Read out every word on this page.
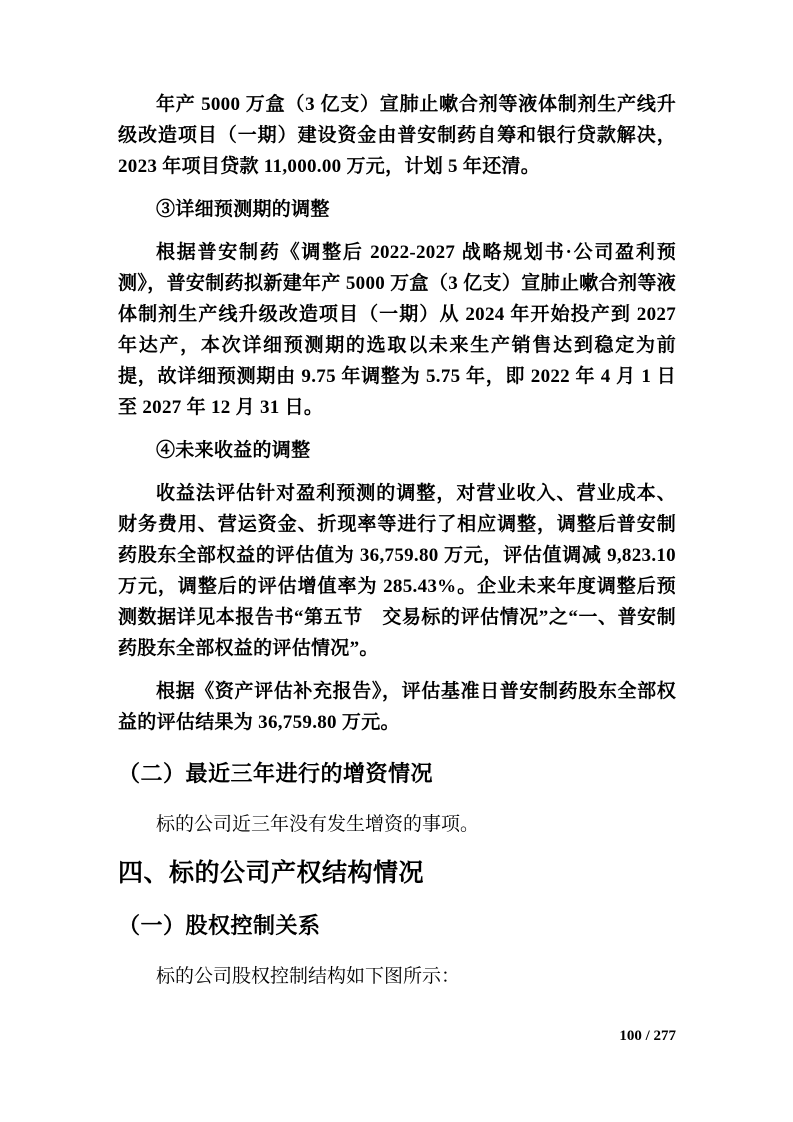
年产 5000 万盒（3 亿支）宣肺止嗽合剂等液体制剂生产线升级改造项目（一期）建设资金由普安制药自筹和银行贷款解决，2023 年项目贷款 11,000.00 万元，计划 5 年还清。

③详细预测期的调整

根据普安制药《调整后 2022-2027 战略规划书·公司盈利预测》，普安制药拟新建年产 5000 万盒（3 亿支）宣肺止嗽合剂等液体制剂生产线升级改造项目（一期）从 2024 年开始投产到 2027 年达产，本次详细预测期的选取以未来生产销售达到稳定为前提，故详细预测期由 9.75 年调整为 5.75 年，即 2022 年 4 月 1 日至 2027 年 12 月 31 日。

④未来收益的调整

收益法评估针对盈利预测的调整，对营业收入、营业成本、财务费用、营运资金、折现率等进行了相应调整，调整后普安制药股东全部权益的评估值为 36,759.80 万元，评估值调减 9,823.10 万元，调整后的评估增值率为 285.43%。企业未来年度调整后预测数据详见本报告书“第五节　交易标的评估情况”之“一、普安制药股东全部权益的评估情况”。

根据《资产评估补充报告》，评估基准日普安制药股东全部权益的评估结果为 36,759.80 万元。

（二）最近三年进行的增资情况

标的公司近三年没有发生增资的事项。

四、标的公司产权结构情况
（一）股权控制关系

标的公司股权控制结构如下图所示：

100 / 277
